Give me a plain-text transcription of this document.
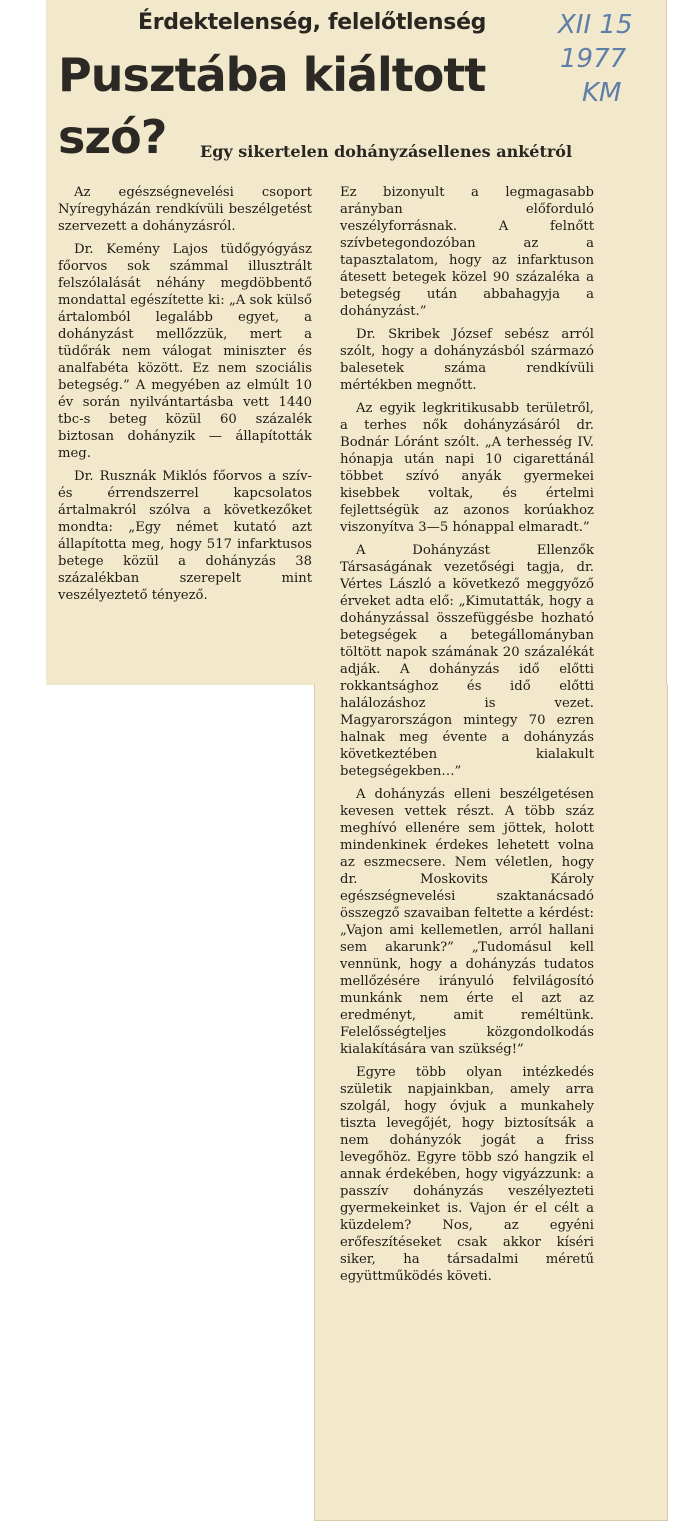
Érdektelenség, felelőtlenség
Pusztába kiáltott
szó? Egy sikertelen dohányzásellenes ankétról
XII 15
1977
KM

Az egészségnevelési csoport Nyíregyházán rendkívüli beszélgetést szervezett a dohányzásról.

Dr. Kemény Lajos tüdőgyógyász főorvos sok számmal illusztrált felszólalását néhány megdöbbentő mondattal egészítette ki: „A sok külső ártalomból legalább egyet, a dohányzást mellőzzük, mert a tüdőrák nem válogat miniszter és analfabéta között. Ez nem szociális betegség.” A megyében az elmúlt 10 év során nyilvántartásba vett 1440 tbc-s beteg közül 60 százalék biztosan dohányzik — állapították meg.

Dr. Rusznák Miklós főorvos a szív- és érrendszerrel kapcsolatos ártalmakról szólva a következőket mondta: „Egy német kutató azt állapította meg, hogy 517 infarktusos betege közül a dohányzás 38 százalékban szerepelt mint veszélyeztető tényező.

Ez bizonyult a legmagasabb arányban előforduló veszélyforrásnak. A felnőtt szívbetegondozóban az a tapasztalatom, hogy az infarktuson átesett betegek közel 90 százaléka a betegség után abbahagyja a dohányzást.”

Dr. Skribek József sebész arról szólt, hogy a dohányzásból származó balesetek száma rendkívüli mértékben megnőtt.

Az egyik legkritikusabb területről, a terhes nők dohányzásáról dr. Bodnár Lóránt szólt. „A terhesség IV. hónapja után napi 10 cigarettánál többet szívó anyák gyermekei kisebbek voltak, és értelmi fejlettségük az azonos korúakhoz viszonyítva 3—5 hónappal elmaradt.”

A Dohányzást Ellenzők Társaságának vezetőségi tagja, dr. Vértes László a következő meggyőző érveket adta elő: „Kimutatták, hogy a dohányzással összefüggésbe hozható betegségek a betegállományban töltött napok számának 20 százalékát adják. A dohányzás idő előtti rokkantsághoz és idő előtti halálozáshoz is vezet. Magyarországon mintegy 70 ezren halnak meg évente a dohányzás következtében kialakult betegségekben…”

A dohányzás elleni beszélgetésen kevesen vettek részt. A több száz meghívó ellenére sem jöttek, holott mindenkinek érdekes lehetett volna az eszmecsere. Nem véletlen, hogy dr. Moskovits Károly egészségnevelési szaktanácsadó összegző szavaiban feltette a kérdést: „Vajon ami kellemetlen, arról hallani sem akarunk?” „Tudomásul kell vennünk, hogy a dohányzás tudatos mellőzésére irányuló felvilágosító munkánk nem érte el azt az eredményt, amit reméltünk. Felelősségteljes közgondolkodás kialakítására van szükség!”

Egyre több olyan intézkedés születik napjainkban, amely arra szolgál, hogy óvjuk a munkahely tiszta levegőjét, hogy biztosítsák a nem dohányzók jogát a friss levegőhöz. Egyre több szó hangzik el annak érdekében, hogy vigyázzunk: a passzív dohányzás veszélyezteti gyermekeinket is. Vajon ér el célt a küzdelem? Nos, az egyéni erőfeszítéseket csak akkor kíséri siker, ha társadalmi méretű együttműködés követi.
